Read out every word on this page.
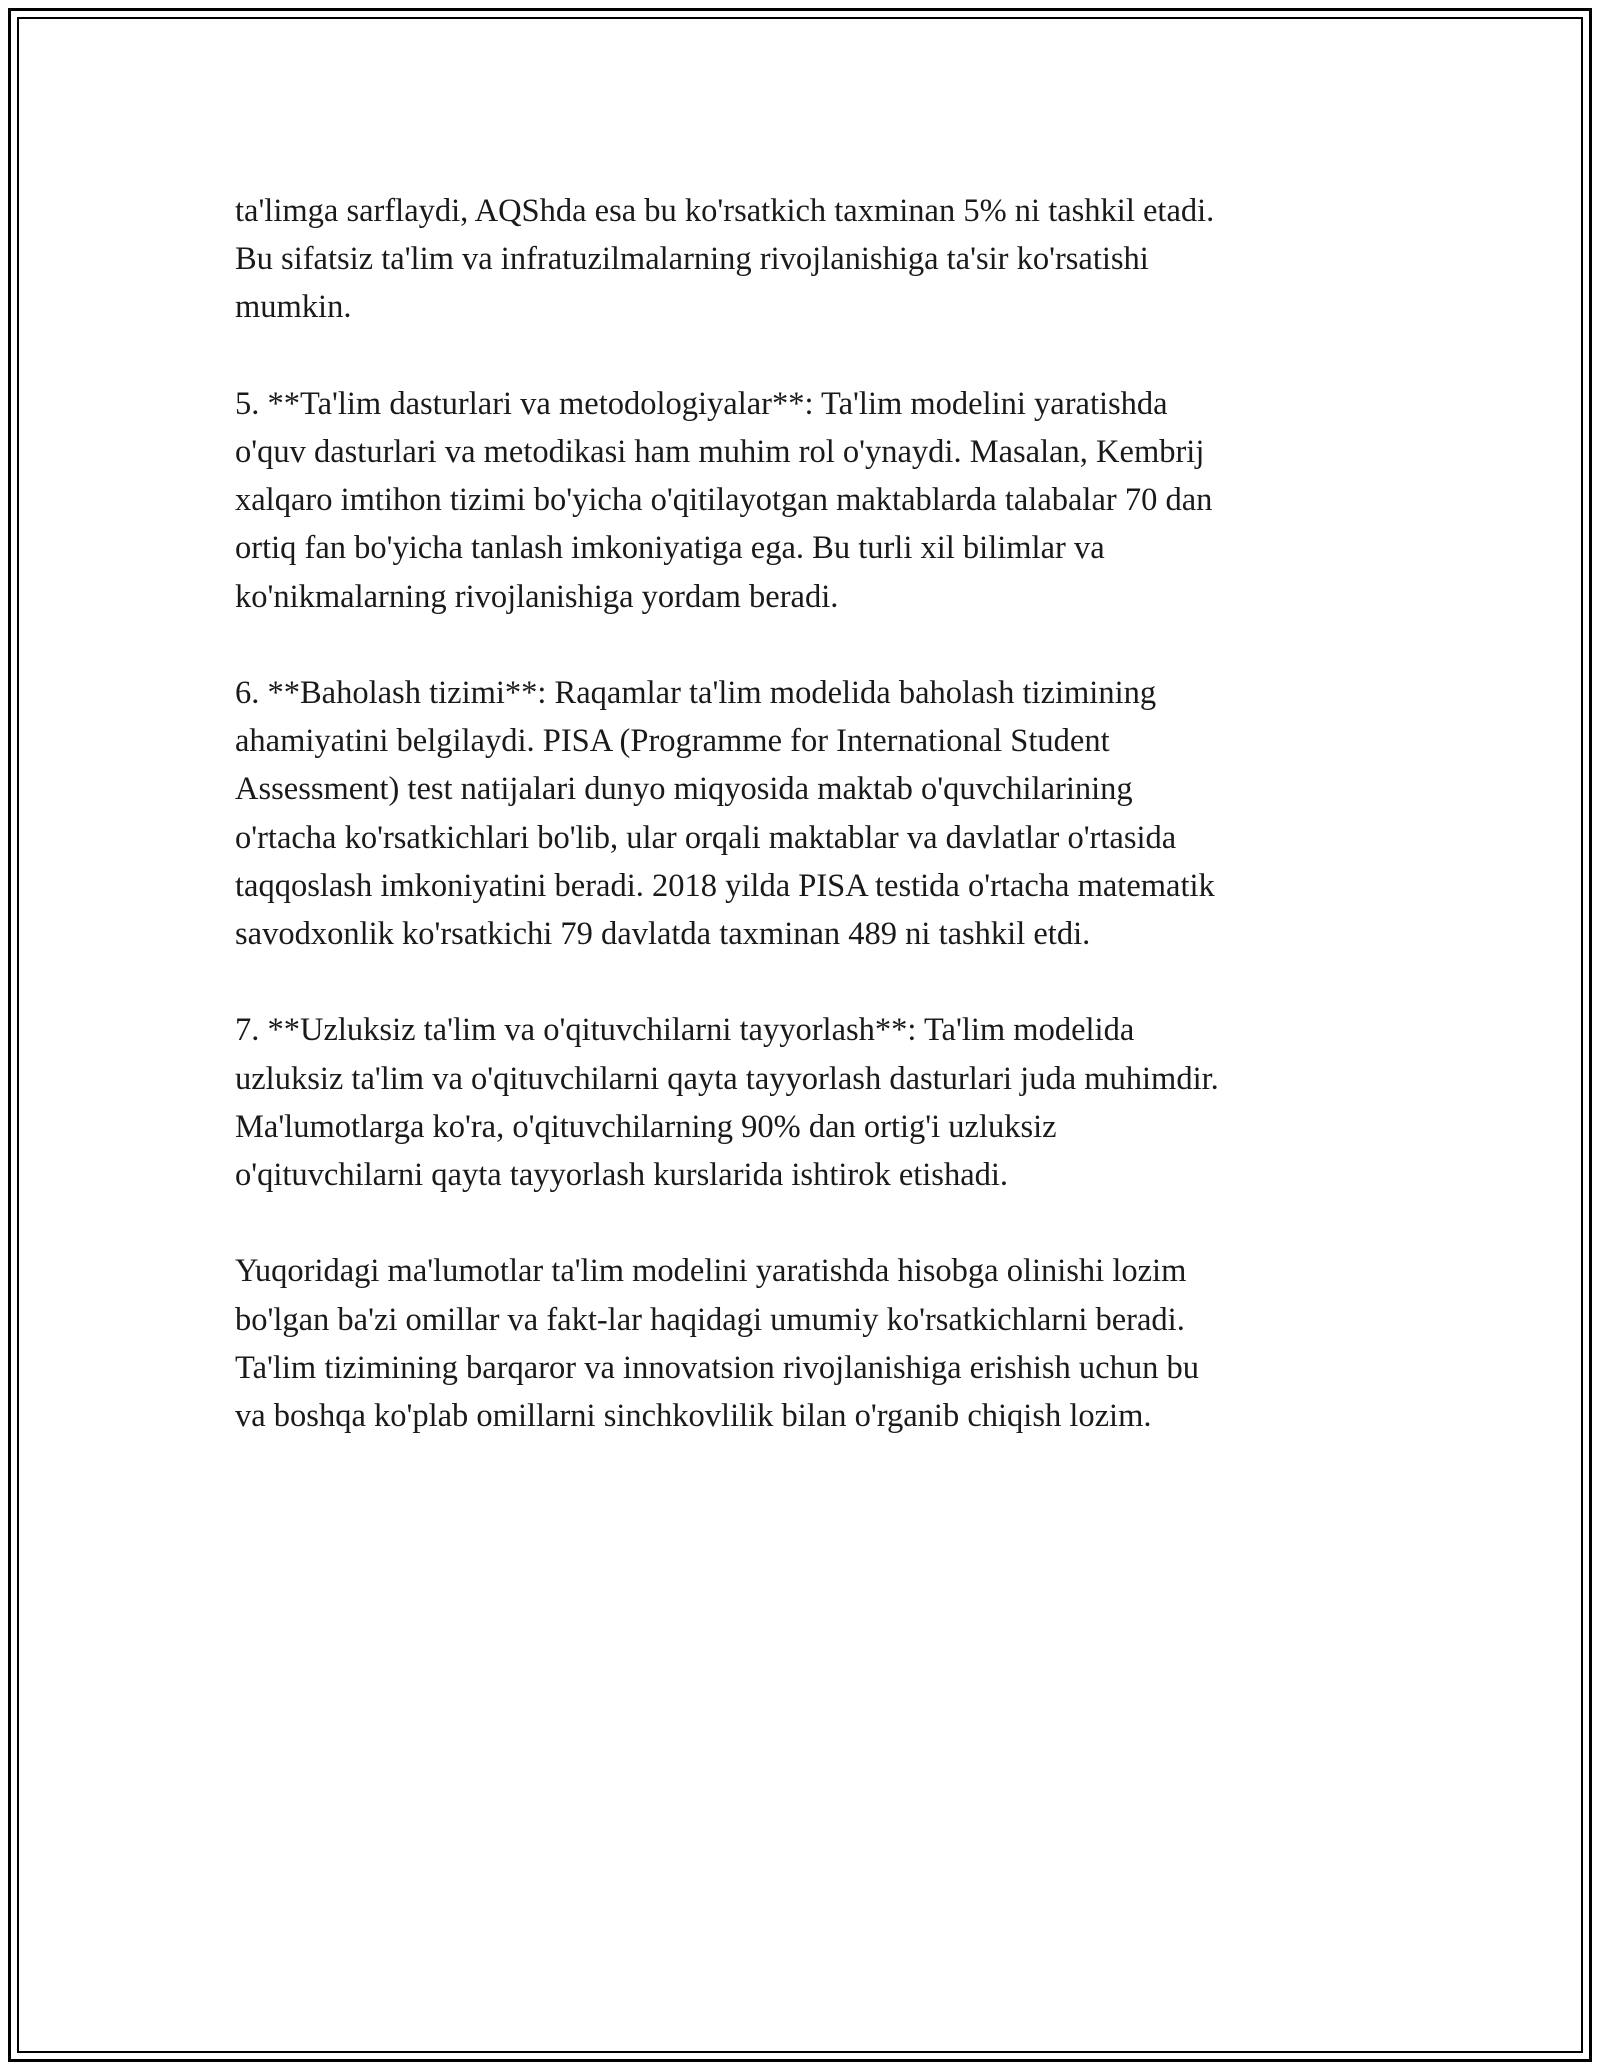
ta'limga sarflaydi, AQShda esa bu ko'rsatkich taxminan 5% ni tashkil etadi.
Bu sifatsiz ta'lim va infratuzilmalarning rivojlanishiga ta'sir ko'rsatishi
mumkin.
5. **Ta'lim dasturlari va metodologiyalar**: Ta'lim modelini yaratishda
o'quv dasturlari va metodikasi ham muhim rol o'ynaydi. Masalan, Kembrij
xalqaro imtihon tizimi bo'yicha o'qitilayotgan maktablarda talabalar 70 dan
ortiq fan bo'yicha tanlash imkoniyatiga ega. Bu turli xil bilimlar va
ko'nikmalarning rivojlanishiga yordam beradi.
6. **Baholash tizimi**: Raqamlar ta'lim modelida baholash tizimining
ahamiyatini belgilaydi. PISA (Programme for International Student
Assessment) test natijalari dunyo miqyosida maktab o'quvchilarining
o'rtacha ko'rsatkichlari bo'lib, ular orqali maktablar va davlatlar o'rtasida
taqqoslash imkoniyatini beradi. 2018 yilda PISA testida o'rtacha matematik
savodxonlik ko'rsatkichi 79 davlatda taxminan 489 ni tashkil etdi.
7. **Uzluksiz ta'lim va o'qituvchilarni tayyorlash**: Ta'lim modelida
uzluksiz ta'lim va o'qituvchilarni qayta tayyorlash dasturlari juda muhimdir.
Ma'lumotlarga ko'ra, o'qituvchilarning 90% dan ortig'i uzluksiz
o'qituvchilarni qayta tayyorlash kurslarida ishtirok etishadi.
Yuqoridagi ma'lumotlar ta'lim modelini yaratishda hisobga olinishi lozim
bo'lgan ba'zi omillar va fakt-lar haqidagi umumiy ko'rsatkichlarni beradi.
Ta'lim tizimining barqaror va innovatsion rivojlanishiga erishish uchun bu
va boshqa ko'plab omillarni sinchkovlilik bilan o'rganib chiqish lozim.
